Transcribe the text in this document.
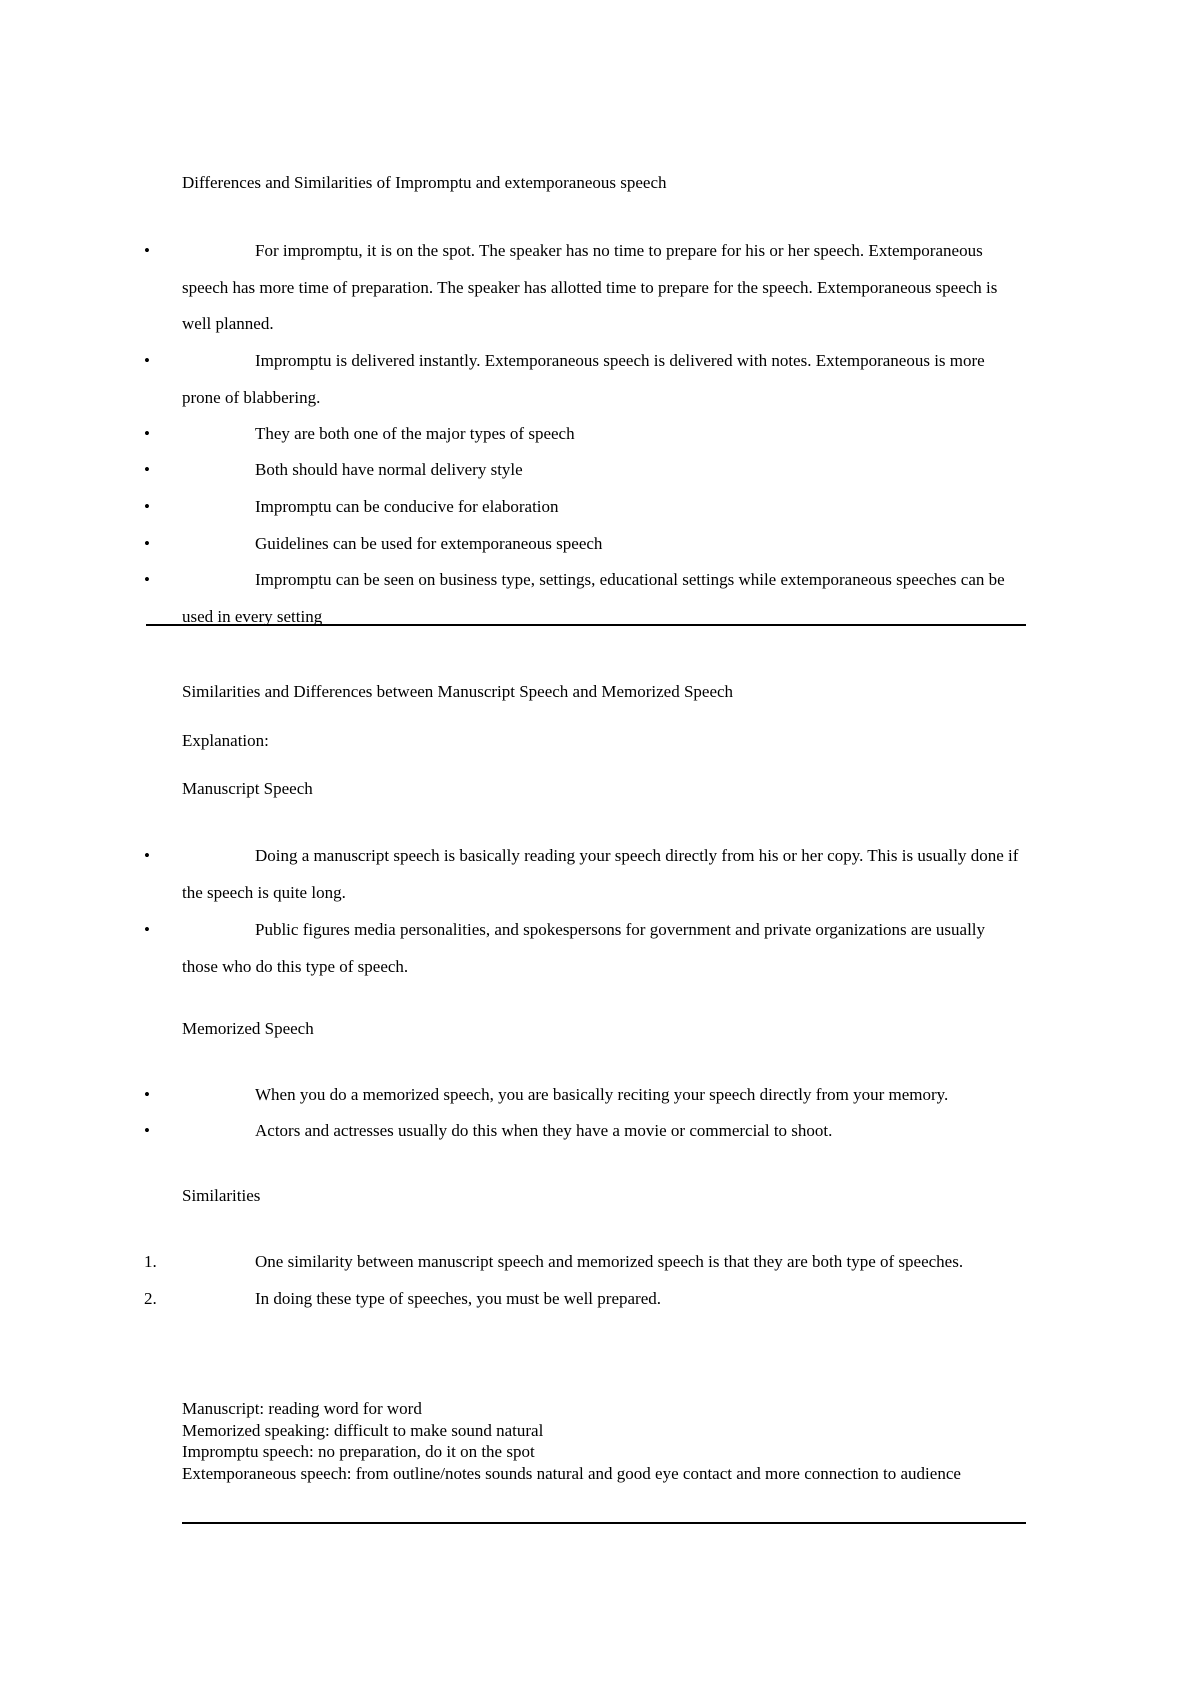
Differences and Similarities of Impromptu and extemporaneous speech
•	For impromptu, it is on the spot. The speaker has no time to prepare for his or her speech. Extemporaneous speech has more time of preparation. The speaker has allotted time to prepare for the speech. Extemporaneous speech is well planned.
•	Impromptu is delivered instantly. Extemporaneous speech is delivered with notes. Extemporaneous is more prone of blabbering.
•	They are both one of the major types of speech
•	Both should have normal delivery style
•	Impromptu can be conducive for elaboration
•	Guidelines can be used for extemporaneous speech
•	Impromptu can be seen on business type, settings, educational settings while extemporaneous speeches can be used in every setting
Similarities and Differences between Manuscript Speech and Memorized Speech
Explanation:
Manuscript Speech
•	Doing a manuscript speech is basically reading your speech directly from his or her copy. This is usually done if the speech is quite long.
•	Public figures media personalities, and spokespersons for government and private organizations are usually those who do this type of speech.
Memorized Speech
•	When you do a memorized speech, you are basically reciting your speech directly from your memory.
•	Actors and actresses usually do this when they have a movie or commercial to shoot.
Similarities
1.	One similarity between manuscript speech and memorized speech is that they are both type of speeches.
2.	In doing these type of speeches, you must be well prepared.
Manuscript: reading word for word
Memorized speaking: difficult to make sound natural
Impromptu speech: no preparation, do it on the spot
Extemporaneous speech: from outline/notes sounds natural and good eye contact and more connection to audience
